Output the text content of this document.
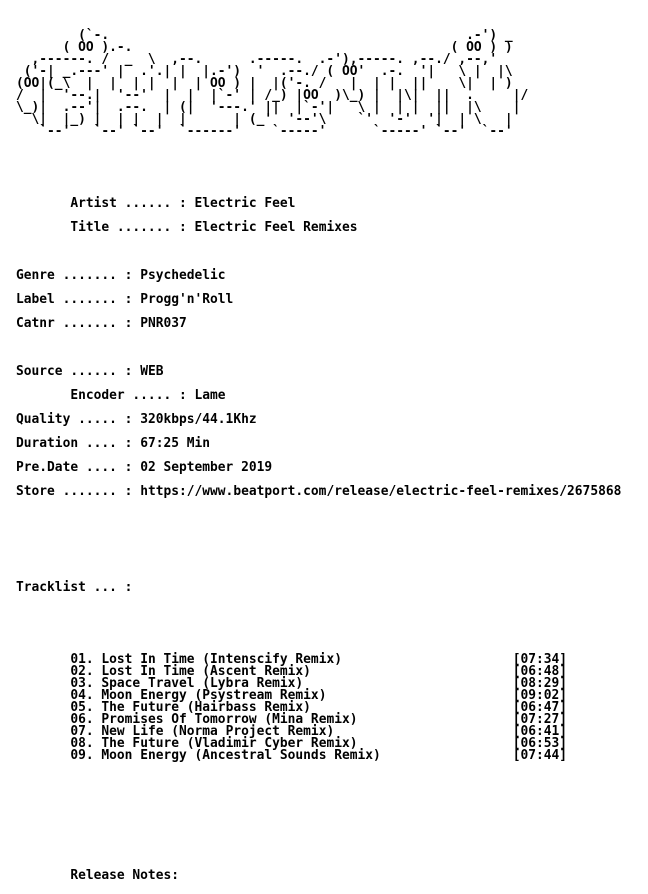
(`-.                                              .-') _
( OO ).-.                                         ( OO ) )
,------. /  _  \  ,--.      .-----.  .-'),-----. ,--./ ,--,'
('-| _.---' |  .'.| |  |.-')  '  .--./ ( OO'  .-.  '|   \ |  |\
(OO|(_\  |  |  | |  |  | OO ) |  |('-. /   |  | |  ||    \|  | )
/  |  '--.|  '--'  |  |  |`-' | /_) |OO  )\_) |  |\|  ||  .     |/
\_)|  .--'|  .--.  | (|  '---.' ||  |`-'|   \ |  | |  ||  |\    |
\|  |_) |  | |  |  |      | (_'  '--'\    `'  '-'  '|  | \   |
`--'   `--' `--'  `------'    `-----'      `-----' `--'  `--'

Artist ...... : Electric Feel

Title ....... : Electric Feel Remixes

Genre ....... : Psychedelic

Label ....... : Progg'n'Roll

Catnr ....... : PNR037

Source ...... : WEB

Encoder ..... : Lame

Quality ..... : 320kbps/44.1Khz

Duration .... : 67:25 Min

Pre.Date .... : 02 September 2019

Store ....... : https://www.beatport.com/release/electric-feel-remixes/2675868

Tracklist ... :

01. Lost In Time (Intenscify Remix)	[07:34]
02. Lost In Time (Ascent Remix)	[06:48]
03. Space Travel (Lybra Remix)	[08:29]
04. Moon Energy (Psystream Remix)	[09:02]
05. The Future (Hairbass Remix)	[06:47]
06. Promises Of Tomorrow (Mina Remix)	[07:27]
07. New Life (Norma Project Remix)	[06:41]
08. The Future (Vladimir Cyber Remix)	[06:53]
09. Moon Energy (Ancestral Sounds Remix)	[07:44]

Release Notes:
